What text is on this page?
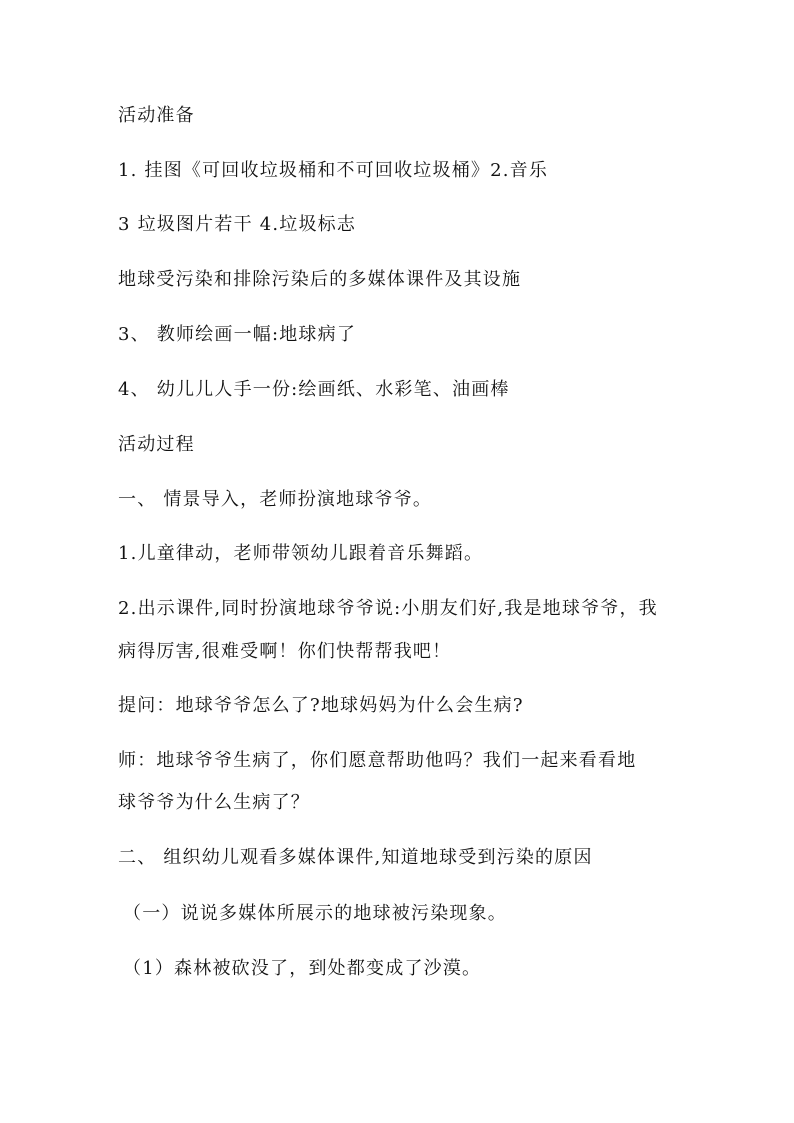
活动准备
1. 挂图《可回收垃圾桶和不可回收垃圾桶》2.音乐
3 垃圾图片若干 4.垃圾标志
地球受污染和排除污染后的多媒体课件及其设施
3、 教师绘画一幅:地球病了
4、 幼儿儿人手一份:绘画纸、水彩笔、油画棒
活动过程
一、 情景导入，老师扮演地球爷爷。
1.儿童律动，老师带领幼儿跟着音乐舞蹈。
2.出示课件,同时扮演地球爷爷说:小朋友们好,我是地球爷爷，我
病得厉害,很难受啊！你们快帮帮我吧！
提问：地球爷爷怎么了?地球妈妈为什么会生病?
师：地球爷爷生病了，你们愿意帮助他吗？我们一起来看看地
球爷爷为什么生病了？
二、 组织幼儿观看多媒体课件,知道地球受到污染的原因
（一）说说多媒体所展示的地球被污染现象。
（1）森林被砍没了，到处都变成了沙漠。
